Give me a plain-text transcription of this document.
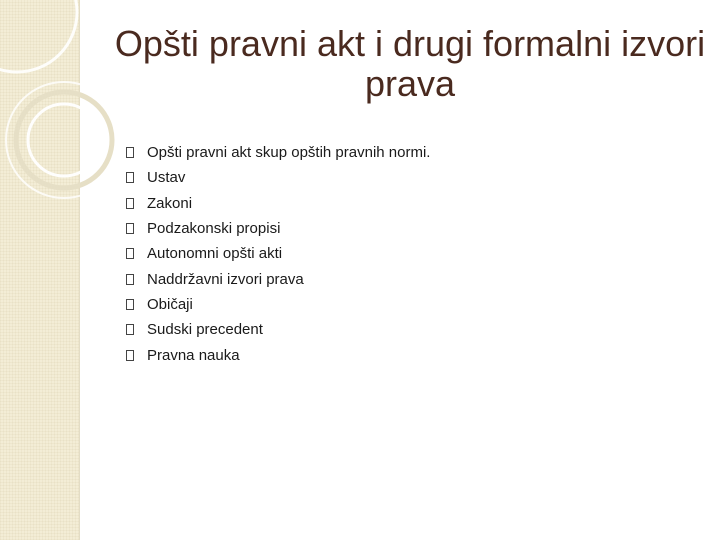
Opšti pravni akt i drugi formalni izvori prava
Opšti pravni akt skup opštih pravnih normi.
Ustav
Zakoni
Podzakonski propisi
Autonomni opšti akti
Naddržavni izvori prava
Običaji
Sudski precedent
Pravna nauka
